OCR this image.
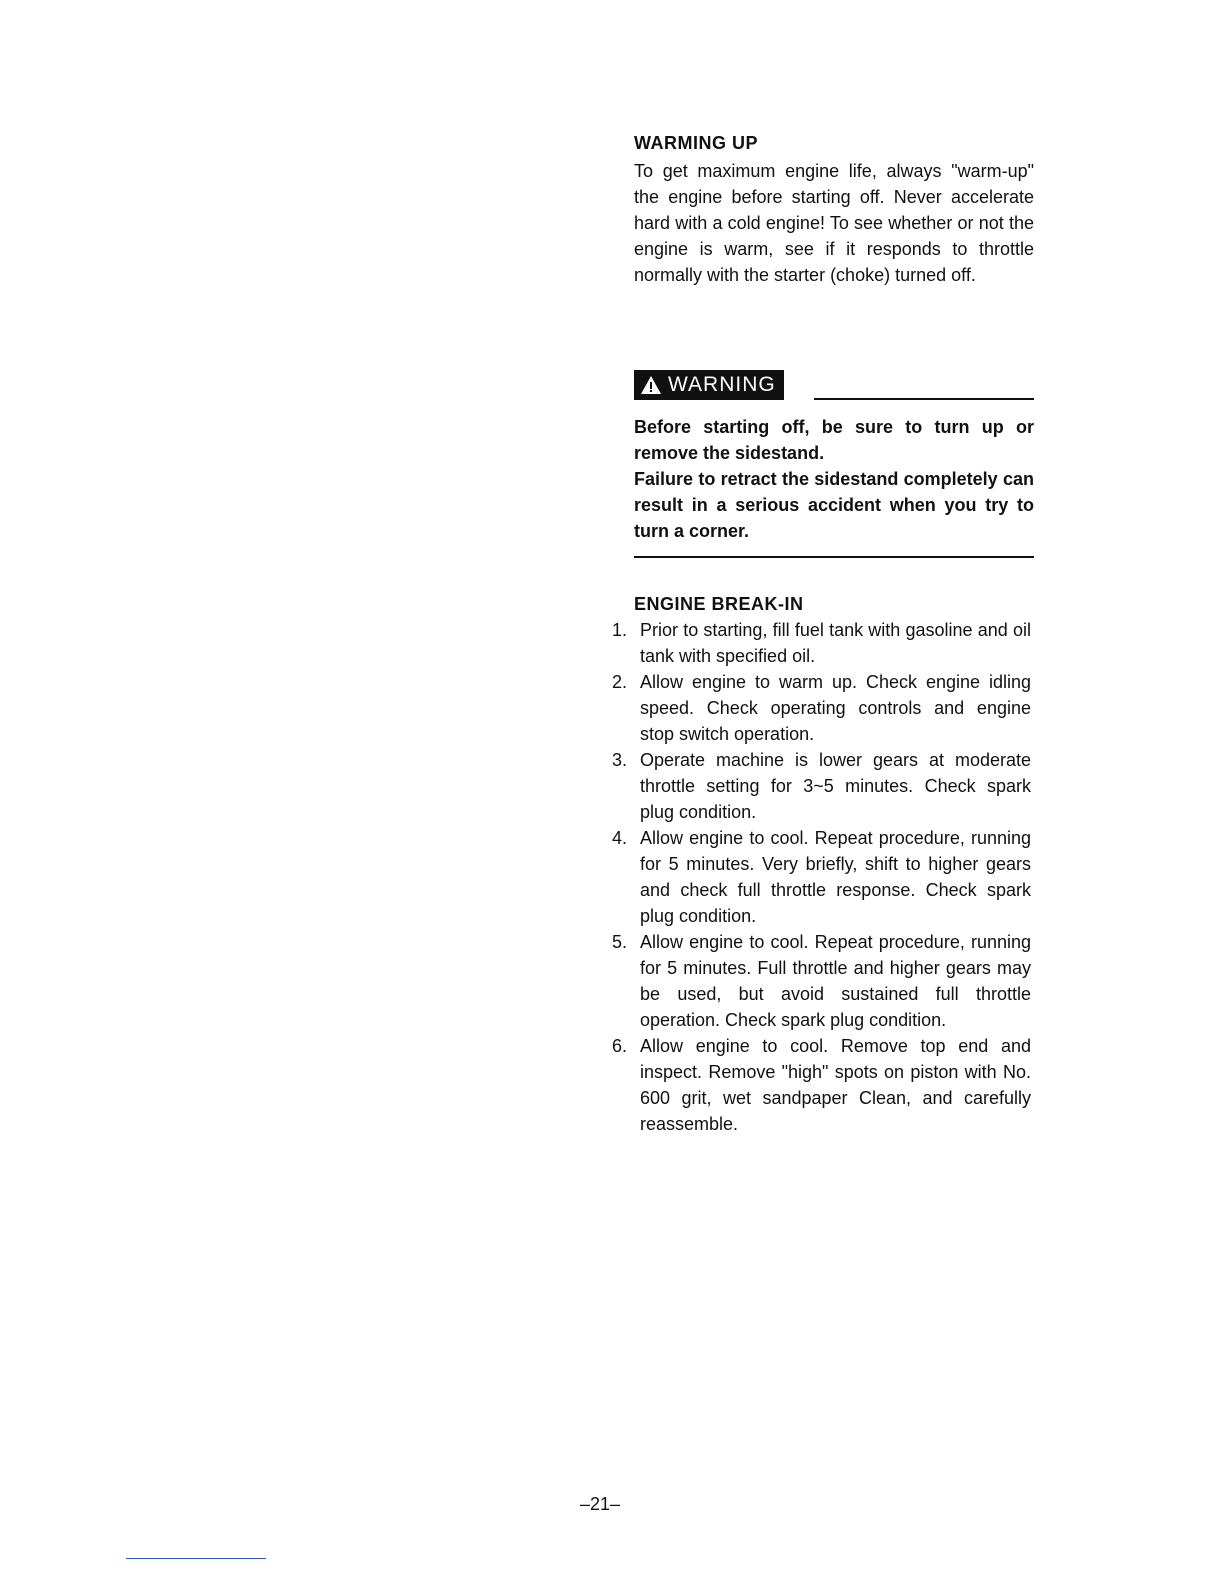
WARMING UP

To get maximum engine life, always "warm-up" the engine before starting off. Never accelerate hard with a cold engine! To see whether or not the engine is warm, see if it responds to throttle normally with the starter (choke) turned off.

WARNING

Before starting off, be sure to turn up or remove the sidestand.

Failure to retract the sidestand completely can result in a serious accident when you try to turn a corner.

ENGINE BREAK-IN
1. Prior to starting, fill fuel tank with gasoline and oil tank with specified oil.

2. Allow engine to warm up. Check engine idling speed. Check operating controls and engine stop switch operation.

3. Operate machine is lower gears at moderate throttle setting for 3~5 minutes. Check spark plug condition.

4. Allow engine to cool. Repeat procedure, running for 5 minutes. Very briefly, shift to higher gears and check full throttle response. Check spark plug condition.

5. Allow engine to cool. Repeat procedure, running for 5 minutes. Full throttle and higher gears may be used, but avoid sustained full throttle operation. Check spark plug condition.

6. Allow engine to cool. Remove top end and inspect. Remove "high" spots on piston with No. 600 grit, wet sandpaper Clean, and carefully reassemble.

–21–
